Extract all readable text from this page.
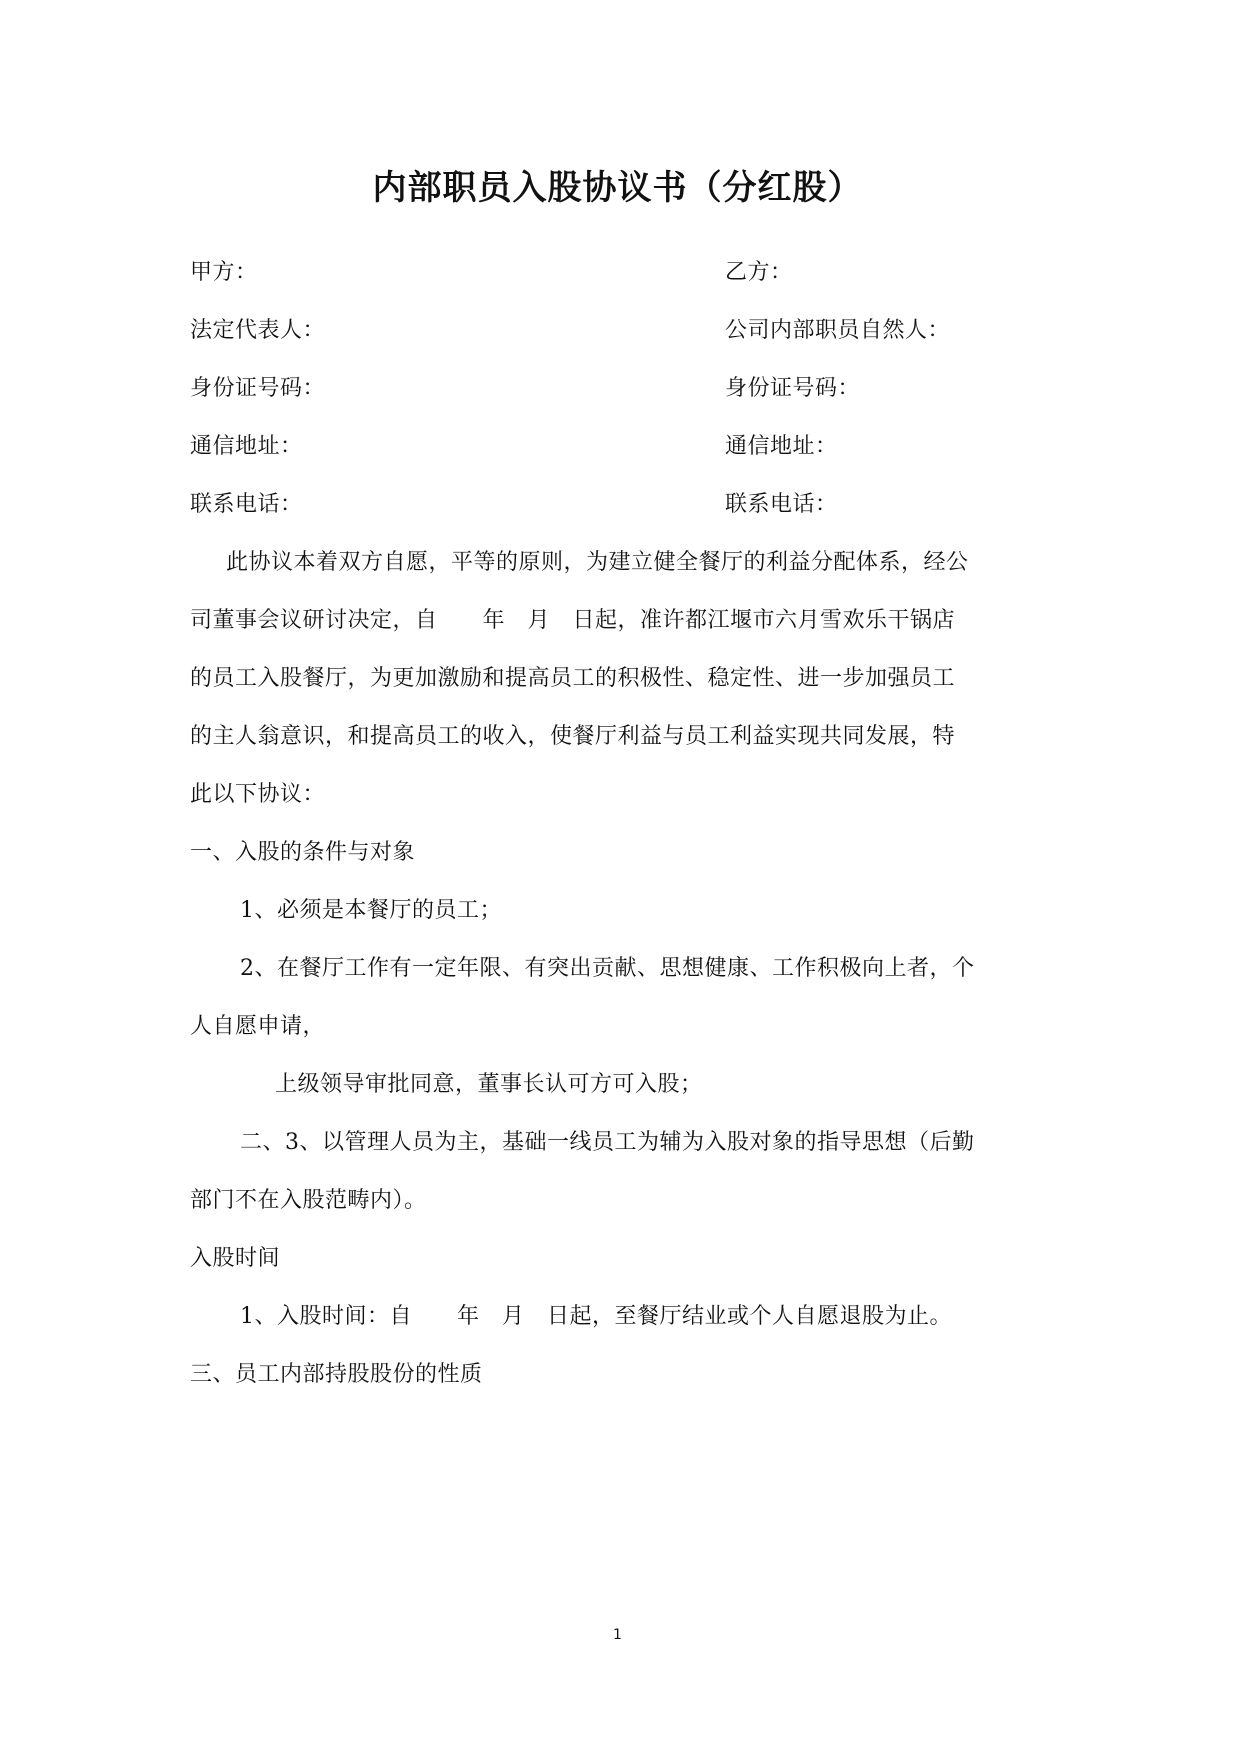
内部职员入股协议书（分红股）
甲方：	乙方：
法定代表人：	公司内部职员自然人：
身份证号码：	身份证号码：
通信地址：	通信地址：
联系电话：	联系电话：
此协议本着双方自愿，平等的原则，为建立健全餐厅的利益分配体系，经公
司董事会议研讨决定，自　　年　月　日起，准许都江堰市六月雪欢乐干锅店
的员工入股餐厅，为更加激励和提高员工的积极性、稳定性、进一步加强员工
的主人翁意识，和提高员工的收入，使餐厅利益与员工利益实现共同发展，特
此以下协议：
一、入股的条件与对象
1、必须是本餐厅的员工；
2、在餐厅工作有一定年限、有突出贡献、思想健康、工作积极向上者，个
人自愿申请，
上级领导审批同意，董事长认可方可入股；
二、3、以管理人员为主，基础一线员工为辅为入股对象的指导思想（后勤
部门不在入股范畴内）。
入股时间
1、入股时间：自　　年　月　日起，至餐厅结业或个人自愿退股为止。
三、员工内部持股股份的性质
1
